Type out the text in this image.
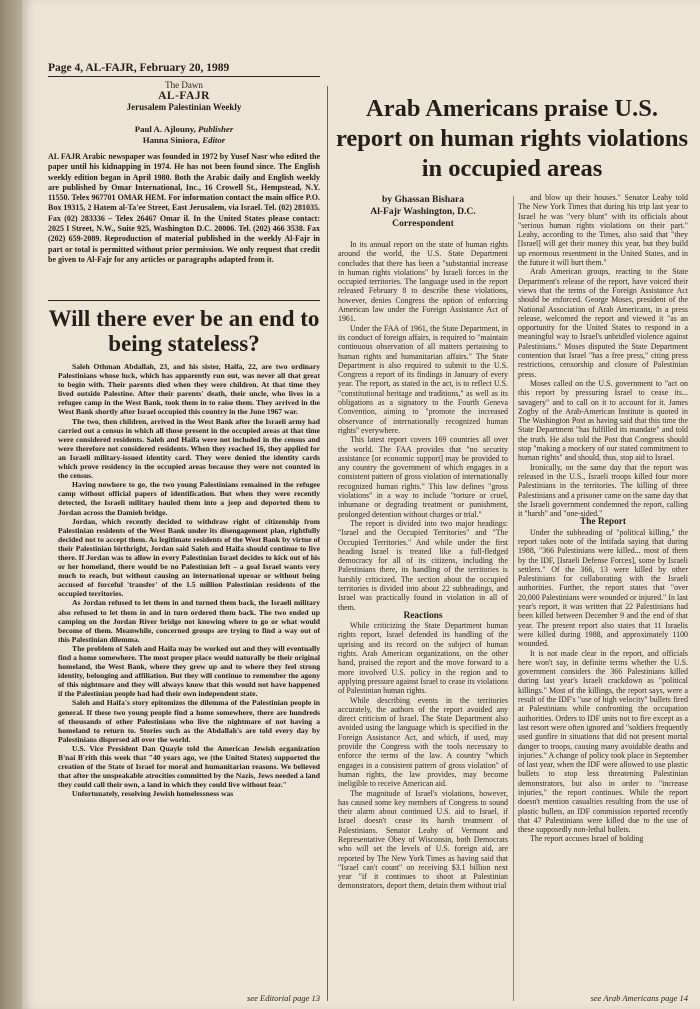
Page 4, AL-FAJR, February 20, 1989
The Dawn
AL-FAJR
Jerusalem Palestinian Weekly
Paul A. Ajlouny, Publisher
Hanna Siniora, Editor
AL FAJR Arabic newspaper was founded in 1972 by Yusef Nasr who edited the paper until his kidnapping in 1974. He has not been found since. The English weekly edition began in April 1980. Both the Arabic daily and English weekly are published by Omar International, Inc., 16 Crowell St., Hempstead, N.Y. 11550. Telex 967701 OMAR HEM. For information contact the main office P.O. Box 19315, 2 Hatem al-Ta'ee Street, East Jerusalem, via Israel. Tel. (02) 281035. Fax (02) 283336 – Telex 26467 Omar il. In the United States please contact: 2025 I Street, N.W., Suite 925, Washington D.C. 20006. Tel. (202) 466 3538. Fax (202) 659-2089. Reproduction of material published in the weekly Al-Fajr in part or total is permitted without prior permission. We only request that credit be given to Al-Fajr for any articles or paragraphs adapted from it.
Will there ever be an end to being stateless?

Saleh Othman Abdallah, 23, and his sister, Haifa, 22, are two ordinary Palestinians whose luck, which has apparently run out, was never all that great to begin with. Their parents died when they were children. At that time they lived outside Palestine. After their parents' death, their uncle, who lives in a refugee camp in the West Bank, took them in to raise them. They arrived in the West Bank shortly after Israel occupied this country in the June 1967 war.

The two, then children, arrived in the West Bank after the Israeli army had carried out a census in which all those present in the occupied areas at that time were considered residents. Saleh and Haifa were not included in the census and were therefore not considered residents. When they reached 16, they applied for an Israeli military-issued identity card. They were denied the identity cards which prove residency in the occupied areas because they were not counted in the census.

Having nowhere to go, the two young Palestinians remained in the refugee camp without official papers of identification. But when they were recently detected, the Israeli military hauled them into a jeep and deported them to Jordan across the Damieh bridge.

Jordan, which recently decided to withdraw right of citizenship from Palestinian residents of the West Bank under its disengagement plan, rightfully decided not to accept them. As legitimate residents of the West Bank by virtue of their Palestinian birthright, Jordan said Saleh and Haifa should continue to live there. If Jordan was to allow in every Palestinian Israel decides to kick out of his or her homeland, there would be no Palestinian left – a goal Israel wants very much to reach, but without causing an international uproar or without being accused of forceful 'transfer' of the 1.5 million Palestinian residents of the occupied territories.

As Jordan refused to let them in and turned them back, the Israeli military also refused to let them in and in turn ordered them back. The two ended up camping on the Jordan River bridge not knowing where to go or what would become of them. Meanwhile, concerned groups are trying to find a way out of this Palestinian dilemma.

The problem of Saleh and Haifa may be worked out and they will eventually find a home somewhere. The most proper place would naturally be their original homeland, the West Bank, where they grew up and to where they feel strong identity, belonging and affiliation. But they will continue to remember the agony of this nightmare and they will always know that this would not have happened if the Palestinian people had had their own independent state.

Saleh and Haifa's story epitomizes the dilemma of the Palestinian people in general. If these two young people find a home somewhere, there are hundreds of thousands of other Palestinians who live the nightmare of not having a homeland to return to. Stories such as the Abdallah's are told every day by Palestinians dispersed all over the world.

U.S. Vice President Dan Quayle told the American Jewish organization B'nai B'rith this week that "40 years ago, we (the United States) supported the creation of the State of Israel for moral and humanitarian reasons. We believed that after the unspeakable atrocities committed by the Nazis, Jews needed a land they could call their own, a land in which they could live without fear."

Unfortunately, resolving Jewish homelessness was

see Editorial page 13
Arab Americans praise U.S. report on human rights violations in occupied areas
by Ghassan Bishara
Al-Fajr Washington, D.C.
Correspondent

In its annual report on the state of human rights around the world, the U.S. State Department concludes that there has been a "substantial increase in human rights violations" by Israeli forces in the occupied territories. The language used in the report released February 8 to describe these violations, however, denies Congress the option of enforcing American law under the Foreign Assistance Act of 1961.

Under the FAA of 1961, the State Department, in its conduct of foreign affairs, is required to "maintain continuous observation of all matters pertaining to human rights and humanitarian affairs." The State Department is also required to submit to the U.S. Congress a report of its findings in January of every year. The report, as stated in the act, is to reflect U.S. "constitutional heritage and traditions," as well as its obligations as a signatory to the Fourth Geneva Convention, aiming to "promote the increased observance of internationally recognized human rights" everywhere.

This latest report covers 169 countries all over the world. The FAA provides that "no security assistance [or economic support] may be provided to any country the government of which engages in a consistent pattern of gross violation of internationally recognized human rights." This law defines "gross violations" in a way to include "torture or cruel, inhumane or degrading treatment or punishment, prolonged detention without charges or trial."

The report is divided into two major headings: "Israel and the Occupied Territories" and "The Occupied Territories." And while under the first heading Israel is treated like a full-fledged democracy for all of its citizens, including the Palestinians there, its handling of the territories is harshly criticized. The section about the occupied territories is divided into about 22 subheadings, and Israel was practically found in violation in all of them.

Reactions

While criticizing the State Department human rights report, Israel defended its handling of the uprising and its record on the subject of human rights. Arab American organizations, on the other hand, praised the report and the move forward to a more involved U.S. policy in the region and to applying pressure against Israel to cease its violations of Palestinian human rights.

While describing events in the territories accurately, the authors of the report avoided any direct criticism of Israel. The State Department also avoided using the language which is specified in the Foreign Assistance Act, and which, if used, may provide the Congress with the tools necessary to enforce the terms of the law. A country "which engages in a consistent pattern of gross violation" of human rights, the law provides, may become ineligible to receive American aid.

The magnitude of Israel's violations, however, has caused some key members of Congress to sound their alarm about continued U.S. aid to Israel, if Israel doesn't cease its harsh treatment of Palestinians. Senator Leahy of Vermont and Representative Obey of Wisconsin, both Democrats who will set the levels of U.S. foreign aid, are reported by The New York Times as having said that "Israel can't count" on receiving $3.1 billion next year "if it continues to shoot at Palestinian demonstrators, deport them, detain them without trial

and blow up their houses." Senator Leahy told The New York Times that during his trip last year to Israel he was "very blunt" with its officials about "serious human rights violations on their part." Leahy, according to the Times, also said that "they [Israel] will get their money this year, but they build up enormous resentment in the United States, and in the future it will hurt them."

Arab American groups, reacting to the State Department's release of the report, have voiced their views that the terms of the Foreign Assistance Act should be enforced. George Moses, president of the National Association of Arab Americans, in a press release, welcomed the report and viewed it "as an opportunity for the United States to respond in a meaningful way to Israel's unbridled violence against Palestinians." Moses disputed the State Department contention that Israel "has a free press," citing press restrictions, censorship and closure of Palestinian press.

Moses called on the U.S. government to "act on this report by pressuring Israel to cease its... savagery" and to call on it to account for it. James Zogby of the Arab-American Institute is quoted in The Washington Post as having said that this time the State Department "has fulfilled its mandate" and told the truth. He also told the Post that Congress should stop "making a mockery of our stated commitment to human rights" and should, thus, stop aid to Israel.

Ironically, on the same day that the report was released in the U.S., Israeli troops killed four more Palestinians in the territories. The killing of three Palestinians and a prisoner came on the same day that the Israeli government condemned the report, calling it "harsh" and "one-sided."

The Report

Under the subheading of "political killing," the report takes note of the Intifada saying that during 1988, "366 Palestinians were killed... most of them by the IDF, [Israeli Defense Forces], some by Israeli settlers." Of the 366, 13 were killed by other Palestinians for collaborating with the Israeli authorities. Further, the report states that "over 20,000 Palestinians were wounded or injured." In last year's report, it was written that 22 Palestinians had been killed between December 9 and the end of that year. The present report also states that 11 Israelis were killed during 1988, and approximately 1100 wounded.

It is not made clear in the report, and officials here won't say, in definite terms whether the U.S. government considers the 366 Palestinians killed during last year's Israeli crackdown as "political killings." Most of the killings, the report says, were a result of the IDF's "use of high velocity" bullets fired at Palestinians while confronting the occupation authorities. Orders to IDF units not to fire except as a last resort were often ignored and "soldiers frequently used gunfire in situations that did not present mortal danger to troops, causing many avoidable deaths and injuries." A change of policy took place in September of last year, when the IDF were allowed to use plastic bullets to stop less threatening Palestinian demonstrators, but also in order to "increase injuries," the report continues. While the report doesn't mention casualties resulting from the use of plastic bullets, an IDF commission reported recently that 47 Palestinians were killed due to the use of these supposedly non-lethal bullets.

The report accuses Israel of holding

see Arab Americans page 14
